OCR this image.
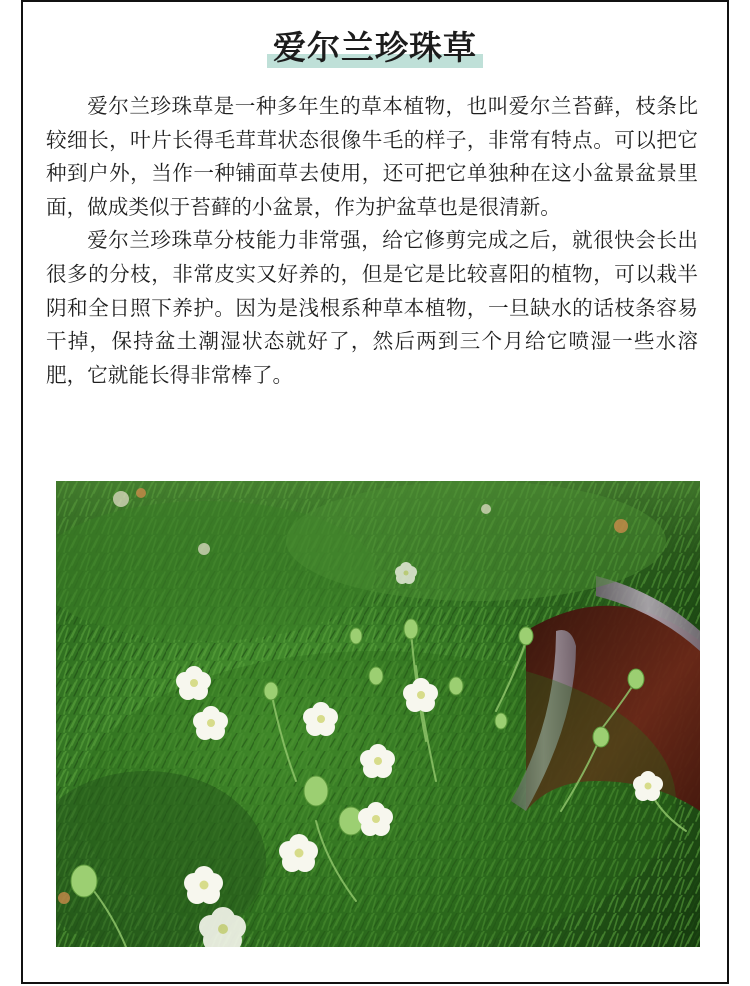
爱尔兰珍珠草

爱尔兰珍珠草是一种多年生的草本植物，也叫爱尔兰苔藓，枝条比较细长，叶片长得毛茸茸状态很像牛毛的样子，非常有特点。可以把它种到户外，当作一种铺面草去使用，还可把它单独种在这小盆景盆景里面，做成类似于苔藓的小盆景，作为护盆草也是很清新。

爱尔兰珍珠草分枝能力非常强，给它修剪完成之后，就很快会长出很多的分枝，非常皮实又好养的，但是它是比较喜阳的植物，可以栽半阴和全日照下养护。因为是浅根系种草本植物，一旦缺水的话枝条容易干掉，保持盆土潮湿状态就好了，然后两到三个月给它喷湿一些水溶肥，它就能长得非常棒了。
